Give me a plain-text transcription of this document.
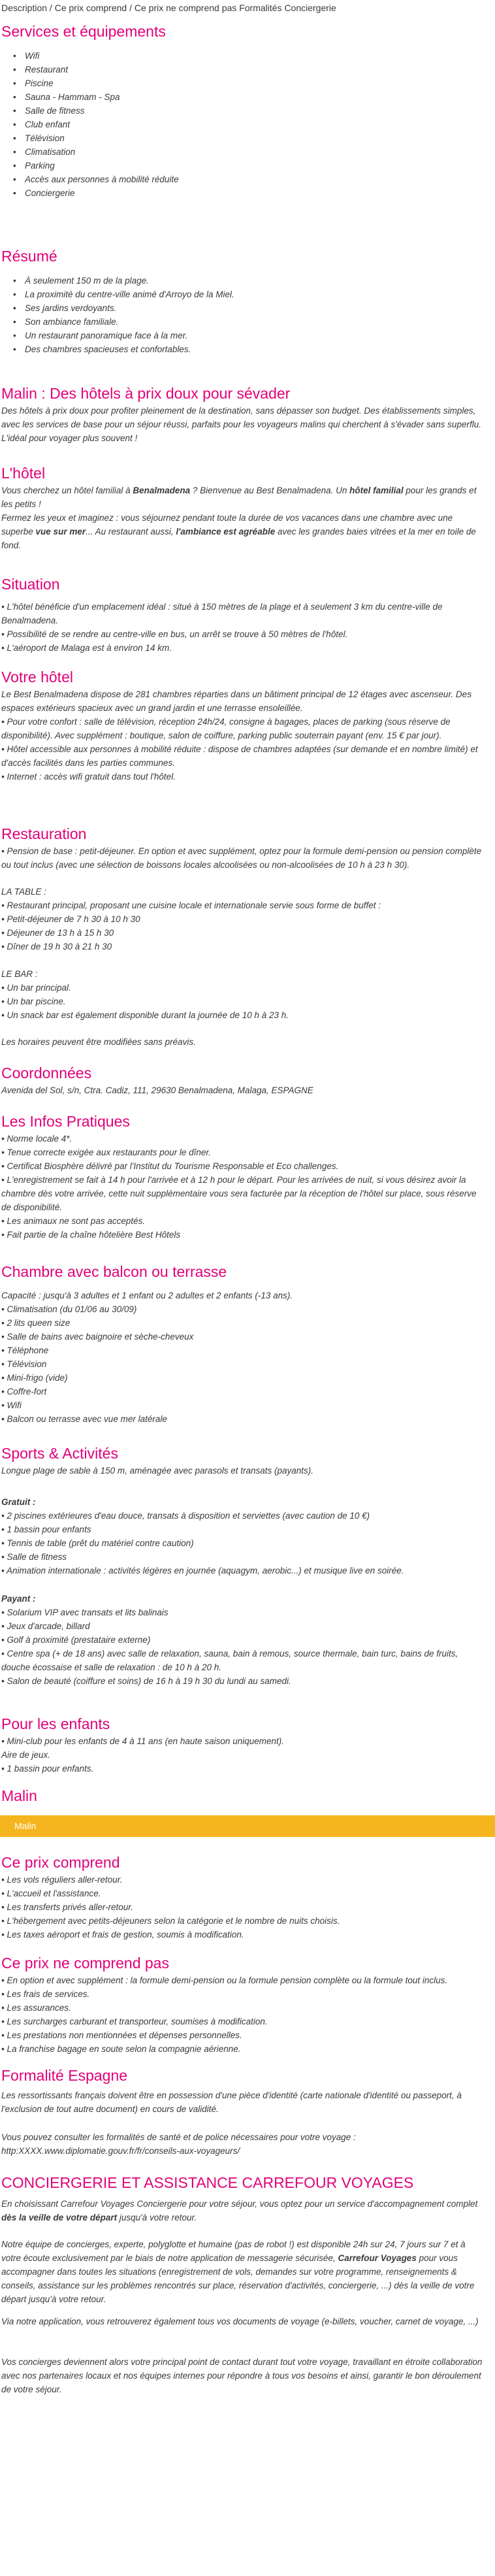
Description / Ce prix comprend / Ce prix ne comprend pas Formalités Conciergerie
Services et équipements
• Wifi
• Restaurant
• Piscine
• Sauna - Hammam - Spa
• Salle de fitness
• Club enfant
• Télévision
• Climatisation
• Parking
• Accès aux personnes à mobilité réduite
• Conciergerie
Résumé
• À seulement 150 m de la plage.
• La proximité du centre-ville animé d'Arroyo de la Miel.
• Ses jardins verdoyants.
• Son ambiance familiale.
• Un restaurant panoramique face à la mer.
• Des chambres spacieuses et confortables.
Malin : Des hôtels à prix doux pour sévader

Des hôtels à prix doux pour profiter pleinement de la destination, sans dépasser son budget. Des établissements simples, avec les services de base pour un séjour réussi, parfaits pour les voyageurs malins qui cherchent à s'évader sans superflu. L'idéal pour voyager plus souvent !

L'hôtel

Vous cherchez un hôtel familial à Benalmadena ? Bienvenue au Best Benalmadena. Un hôtel familial pour les grands et les petits !

Fermez les yeux et imaginez : vous séjournez pendant toute la durée de vos vacances dans une chambre avec une superbe vue sur mer... Au restaurant aussi, l'ambiance est agréable avec les grandes baies vitrées et la mer en toile de fond.

Situation

• L'hôtel bénéficie d'un emplacement idéal : situé à 150 mètres de la plage et à seulement 3 km du centre-ville de Benalmadena.

• Possibilité de se rendre au centre-ville en bus, un arrêt se trouve à 50 mètres de l'hôtel.

• L'aéroport de Malaga est à environ 14 km.

Votre hôtel

Le Best Benalmadena dispose de 281 chambres réparties dans un bâtiment principal de 12 étages avec ascenseur. Des espaces extérieurs spacieux avec un grand jardin et une terrasse ensoleillée.

• Pour votre confort : salle de télévision, réception 24h/24, consigne à bagages, places de parking (sous réserve de disponibilité). Avec supplément : boutique, salon de coiffure, parking public souterrain payant (env. 15 € par jour).

• Hôtel accessible aux personnes à mobilité réduite : dispose de chambres adaptées (sur demande et en nombre limité) et d'accès facilités dans les parties communes.

• Internet : accès wifi gratuit dans tout l'hôtel.

Restauration

• Pension de base : petit-déjeuner. En option et avec supplément, optez pour la formule demi-pension ou pension complète ou tout inclus (avec une sélection de boissons locales alcoolisées ou non-alcoolisées de 10 h à 23 h 30).

LA TABLE :

• Restaurant principal, proposant une cuisine locale et internationale servie sous forme de buffet :

• Petit-déjeuner de 7 h 30 à 10 h 30

• Déjeuner de 13 h à 15 h 30

• Dîner de 19 h 30 à 21 h 30

LE BAR :

• Un bar principal.

• Un bar piscine.

• Un snack bar est également disponible durant la journée de 10 h à 23 h.

Les horaires peuvent être modifiées sans préavis.

Coordonnées

Avenida del Sol, s/n, Ctra. Cadiz, 111, 29630 Benalmadena, Malaga, ESPAGNE

Les Infos Pratiques

• Norme locale 4*.

• Tenue correcte exigée aux restaurants pour le dîner.

• Certificat Biosphère délivré par l'Institut du Tourisme Responsable et Eco challenges.

• L'enregistrement se fait à 14 h pour l'arrivée et à 12 h pour le départ. Pour les arrivées de nuit, si vous désirez avoir la chambre dès votre arrivée, cette nuit supplémentaire vous sera facturée par la réception de l'hôtel sur place, sous réserve de disponibilité.

• Les animaux ne sont pas acceptés.

• Fait partie de la chaîne hôtelière Best Hôtels

Chambre avec balcon ou terrasse

Capacité : jusqu'à 3 adultes et 1 enfant ou 2 adultes et 2 enfants (-13 ans).

• Climatisation (du 01/06 au 30/09)

• 2 lits queen size

• Salle de bains avec baignoire et sèche-cheveux

• Téléphone

• Télévision

• Mini-frigo (vide)

• Coffre-fort

• Wifi

• Balcon ou terrasse avec vue mer latérale

Sports & Activités

Longue plage de sable à 150 m, aménagée avec parasols et transats (payants).

Gratuit :

• 2 piscines extérieures d'eau douce, transats à disposition et serviettes (avec caution de 10 €)

• 1 bassin pour enfants

• Tennis de table (prêt du matériel contre caution)

• Salle de fitness

• Animation internationale : activités légères en journée (aquagym, aerobic...) et musique live en soirée.

Payant :

• Solarium VIP avec transats et lits balinais

• Jeux d'arcade, billard

• Golf à proximité (prestataire externe)

• Centre spa (+ de 18 ans) avec salle de relaxation, sauna, bain à remous, source thermale, bain turc, bains de fruits, douche écossaise et salle de relaxation : de 10 h à 20 h.

• Salon de beauté (coiffure et soins) de 16 h à 19 h 30 du lundi au samedi.

Pour les enfants

• Mini-club pour les enfants de 4 à 11 ans (en haute saison uniquement).

Aire de jeux.

• 1 bassin pour enfants.

Malin
Malin
Ce prix comprend

• Les vols réguliers aller-retour.

• L'accueil et l'assistance.

• Les transferts privés aller-retour.

• L'hébergement avec petits-déjeuners selon la catégorie et le nombre de nuits choisis.

• Les taxes aéroport et frais de gestion, soumis à modification.

Ce prix ne comprend pas

• En option et avec supplément : la formule demi-pension ou la formule pension complète ou la formule tout inclus.

• Les frais de services.

• Les assurances.

• Les surcharges carburant et transporteur, soumises à modification.

• Les prestations non mentionnées et dépenses personnelles.

• La franchise bagage en soute selon la compagnie aérienne.

Formalité Espagne

Les ressortissants français doivent être en possession d'une pièce d'identité (carte nationale d'identité ou passeport, à l'exclusion de tout autre document) en cours de validité.

Vous pouvez consulter les formalités de santé et de police nécessaires pour votre voyage : http:XXXX.www.diplomatie.gouv.fr/fr/conseils-aux-voyageurs/

CONCIERGERIE ET ASSISTANCE CARREFOUR VOYAGES

En choisissant Carrefour Voyages Conciergerie pour votre séjour, vous optez pour un service d'accompagnement complet dès la veille de votre départ jusqu'à votre retour.

Notre équipe de concierges, experte, polyglotte et humaine (pas de robot !) est disponible 24h sur 24, 7 jours sur 7 et à votre écoute exclusivement par le biais de notre application de messagerie sécurisée, Carrefour Voyages pour vous accompagner dans toutes les situations (enregistrement de vols, demandes sur votre programme, renseignements & conseils, assistance sur les problèmes rencontrés sur place, réservation d'activités, conciergerie, ...) dès la veille de votre départ jusqu'à votre retour.

Via notre application, vous retrouverez également tous vos documents de voyage (e-billets, voucher, carnet de voyage, ...)

Vos concierges deviennent alors votre principal point de contact durant tout votre voyage, travaillant en étroite collaboration avec nos partenaires locaux et nos équipes internes pour répondre à tous vos besoins et ainsi, garantir le bon déroulement de votre séjour.
